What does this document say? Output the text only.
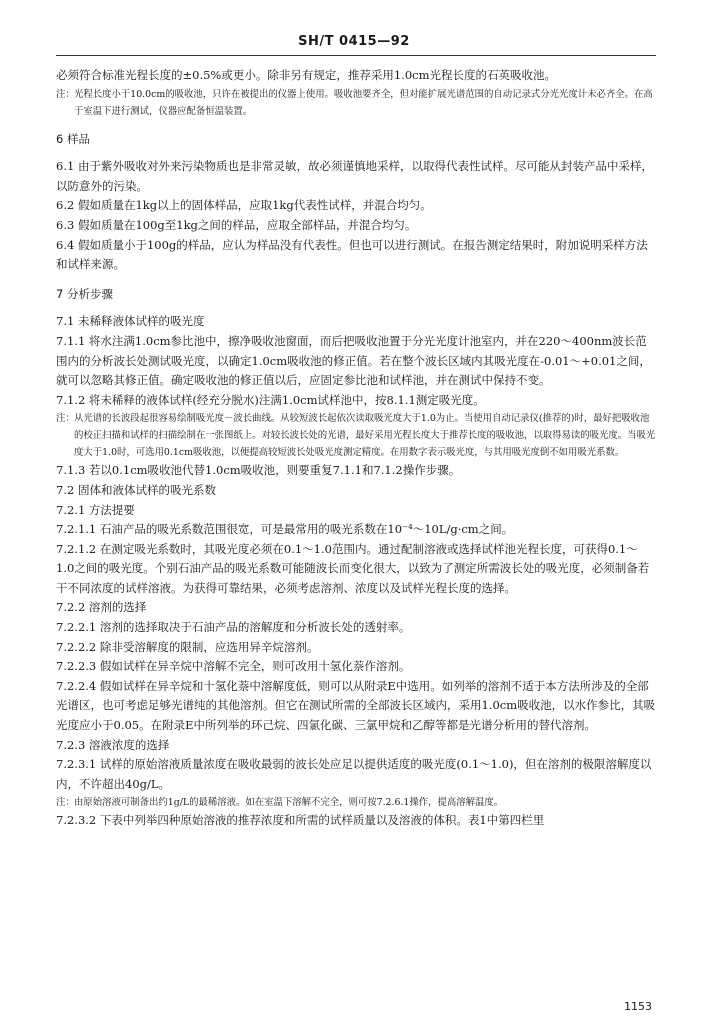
SH/T 0415—92

必须符合标准光程长度的±0.5%或更小。除非另有规定，推荐采用1.0cm光程长度的石英吸收池。

注：光程长度小于10.0cm的吸收池，只许在被提出的仪器上使用。吸收池要齐全，但对能扩展光谱范围的自动记录式分光光度计未必齐全。在高于室温下进行测试，仪器应配备恒温装置。

6 样品

6.1 由于紫外吸收对外来污染物质也是非常灵敏，故必须谨慎地采样，以取得代表性试样。尽可能从封装产品中采样，以防意外的污染。

6.2 假如质量在1kg以上的固体样品，应取1kg代表性试样，并混合均匀。

6.3 假如质量在100g至1kg之间的样品，应取全部样品，并混合均匀。

6.4 假如质量小于100g的样品，应认为样品没有代表性。但也可以进行测试。在报告测定结果时，附加说明采样方法和试样来源。

7 分析步骤

7.1 未稀释液体试样的吸光度

7.1.1 将水注满1.0cm参比池中，擦净吸收池窗面，而后把吸收池置于分光光度计池室内，并在220～400nm波长范围内的分析波长处测试吸光度，以确定1.0cm吸收池的修正值。若在整个波长区域内其吸光度在-0.01～+0.01之间，就可以忽略其修正值。确定吸收池的修正值以后，应固定参比池和试样池，并在测试中保持不变。

7.1.2 将未稀释的液体试样(经充分脱水)注满1.0cm试样池中，按8.1.1测定吸光度。

注：从光谱的长波段起很容易绘制吸光度－波长曲线。从较短波长起依次读取吸光度大于1.0为止。当使用自动记录仪(推荐的)时，最好把吸收池的校正扫描和试样的扫描绘制在一张图纸上。对较长波长处的光谱，最好采用光程长度大于推荐长度的吸收池，以取得易读的吸光度。当吸光度大于1.0时，可选用0.1cm吸收池，以便提高较短波长处吸光度测定精度。在用数字表示吸光度，与其用吸光度倒不如用吸光系数。

7.1.3 若以0.1cm吸收池代替1.0cm吸收池，则要重复7.1.1和7.1.2操作步骤。

7.2 固体和液体试样的吸光系数

7.2.1 方法提要

7.2.1.1 石油产品的吸光系数范围很宽，可是最常用的吸光系数在10⁻⁴～10L/g·cm之间。

7.2.1.2 在测定吸光系数时，其吸光度必须在0.1～1.0范围内。通过配制溶液或选择试样池光程长度，可获得0.1～1.0之间的吸光度。个别石油产品的吸光系数可能随波长而变化很大，以致为了测定所需波长处的吸光度，必须制备若干不同浓度的试样溶液。为获得可靠结果，必须考虑溶剂、浓度以及试样光程长度的选择。

7.2.2 溶剂的选择

7.2.2.1 溶剂的选择取决于石油产品的溶解度和分析波长处的透射率。

7.2.2.2 除非受溶解度的限制，应选用异辛烷溶剂。

7.2.2.3 假如试样在异辛烷中溶解不完全，则可改用十氢化萘作溶剂。

7.2.2.4 假如试样在异辛烷和十氢化萘中溶解度低，则可以从附录E中选用。如列举的溶剂不适于本方法所涉及的全部光谱区，也可考虑足够光谱纯的其他溶剂。但它在测试所需的全部波长区域内，采用1.0cm吸收池，以水作参比，其吸光度应小于0.05。在附录E中所列举的环己烷、四氯化碳、三氯甲烷和乙醇等都是光谱分析用的替代溶剂。

7.2.3 溶液浓度的选择

7.2.3.1 试样的原始溶液质量浓度在吸收最弱的波长处应足以提供适度的吸光度(0.1～1.0)，但在溶剂的极限溶解度以内，不许超出40g/L。

注：由原始溶液可制备出约1g/L的最稀溶液。如在室温下溶解不完全，则可按7.2.6.1操作，提高溶解温度。

7.2.3.2 下表中列举四种原始溶液的推荐浓度和所需的试样质量以及溶液的体积。表1中第四栏里

1153
